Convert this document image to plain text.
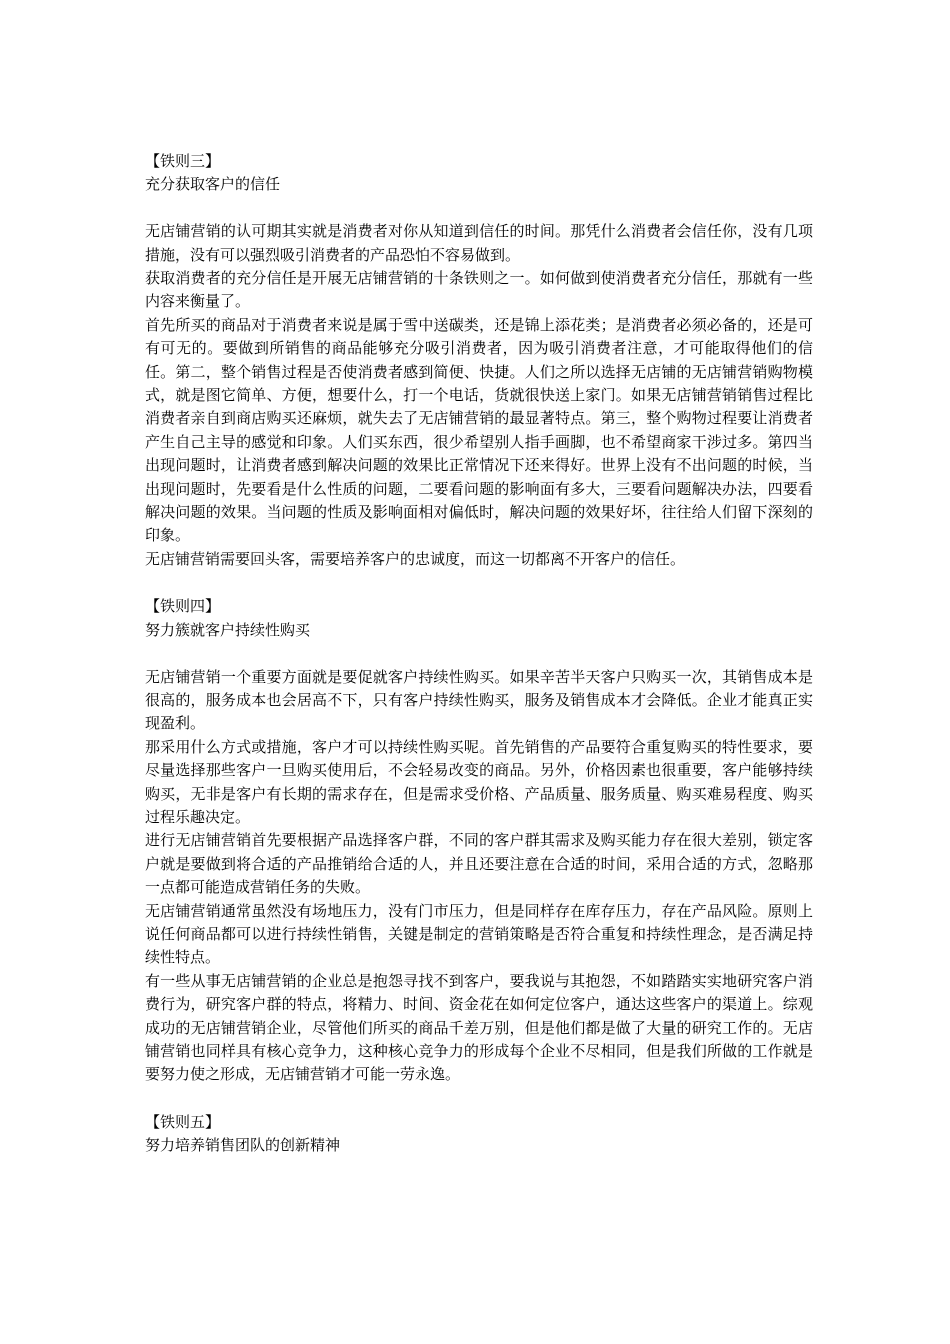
【铁则三】
充分获取客户的信任

无店铺营销的认可期其实就是消费者对你从知道到信任的时间。那凭什么消费者会信任你，没有几项措施，没有可以强烈吸引消费者的产品恐怕不容易做到。

获取消费者的充分信任是开展无店铺营销的十条铁则之一。如何做到使消费者充分信任，那就有一些内容来衡量了。

首先所买的商品对于消费者来说是属于雪中送碳类，还是锦上添花类；是消费者必须必备的，还是可有可无的。要做到所销售的商品能够充分吸引消费者，因为吸引消费者注意，才可能取得他们的信任。第二，整个销售过程是否使消费者感到简便、快捷。人们之所以选择无店铺的无店铺营销购物模式，就是图它简单、方便，想要什么，打一个电话，货就很快送上家门。如果无店铺营销销售过程比消费者亲自到商店购买还麻烦，就失去了无店铺营销的最显著特点。第三，整个购物过程要让消费者产生自己主导的感觉和印象。人们买东西，很少希望别人指手画脚，也不希望商家干涉过多。第四当出现问题时，让消费者感到解决问题的效果比正常情况下还来得好。世界上没有不出问题的时候，当出现问题时，先要看是什么性质的问题，二要看问题的影响面有多大，三要看问题解决办法，四要看解决问题的效果。当问题的性质及影响面相对偏低时，解决问题的效果好坏，往往给人们留下深刻的印象。

无店铺营销需要回头客，需要培养客户的忠诚度，而这一切都离不开客户的信任。

【铁则四】
努力簇就客户持续性购买

无店铺营销一个重要方面就是要促就客户持续性购买。如果辛苦半天客户只购买一次，其销售成本是很高的，服务成本也会居高不下，只有客户持续性购买，服务及销售成本才会降低。企业才能真正实现盈利。

那采用什么方式或措施，客户才可以持续性购买呢。首先销售的产品要符合重复购买的特性要求，要尽量选择那些客户一旦购买使用后，不会轻易改变的商品。另外，价格因素也很重要，客户能够持续购买，无非是客户有长期的需求存在，但是需求受价格、产品质量、服务质量、购买难易程度、购买过程乐趣决定。

进行无店铺营销首先要根据产品选择客户群，不同的客户群其需求及购买能力存在很大差别，锁定客户就是要做到将合适的产品推销给合适的人，并且还要注意在合适的时间，采用合适的方式，忽略那一点都可能造成营销任务的失败。

无店铺营销通常虽然没有场地压力，没有门市压力，但是同样存在库存压力，存在产品风险。原则上说任何商品都可以进行持续性销售，关键是制定的营销策略是否符合重复和持续性理念，是否满足持续性特点。

有一些从事无店铺营销的企业总是抱怨寻找不到客户，要我说与其抱怨，不如踏踏实实地研究客户消费行为，研究客户群的特点，将精力、时间、资金花在如何定位客户，通达这些客户的渠道上。综观成功的无店铺营销企业，尽管他们所买的商品千差万别，但是他们都是做了大量的研究工作的。无店铺营销也同样具有核心竞争力，这种核心竞争力的形成每个企业不尽相同，但是我们所做的工作就是要努力使之形成，无店铺营销才可能一劳永逸。

【铁则五】
努力培养销售团队的创新精神
